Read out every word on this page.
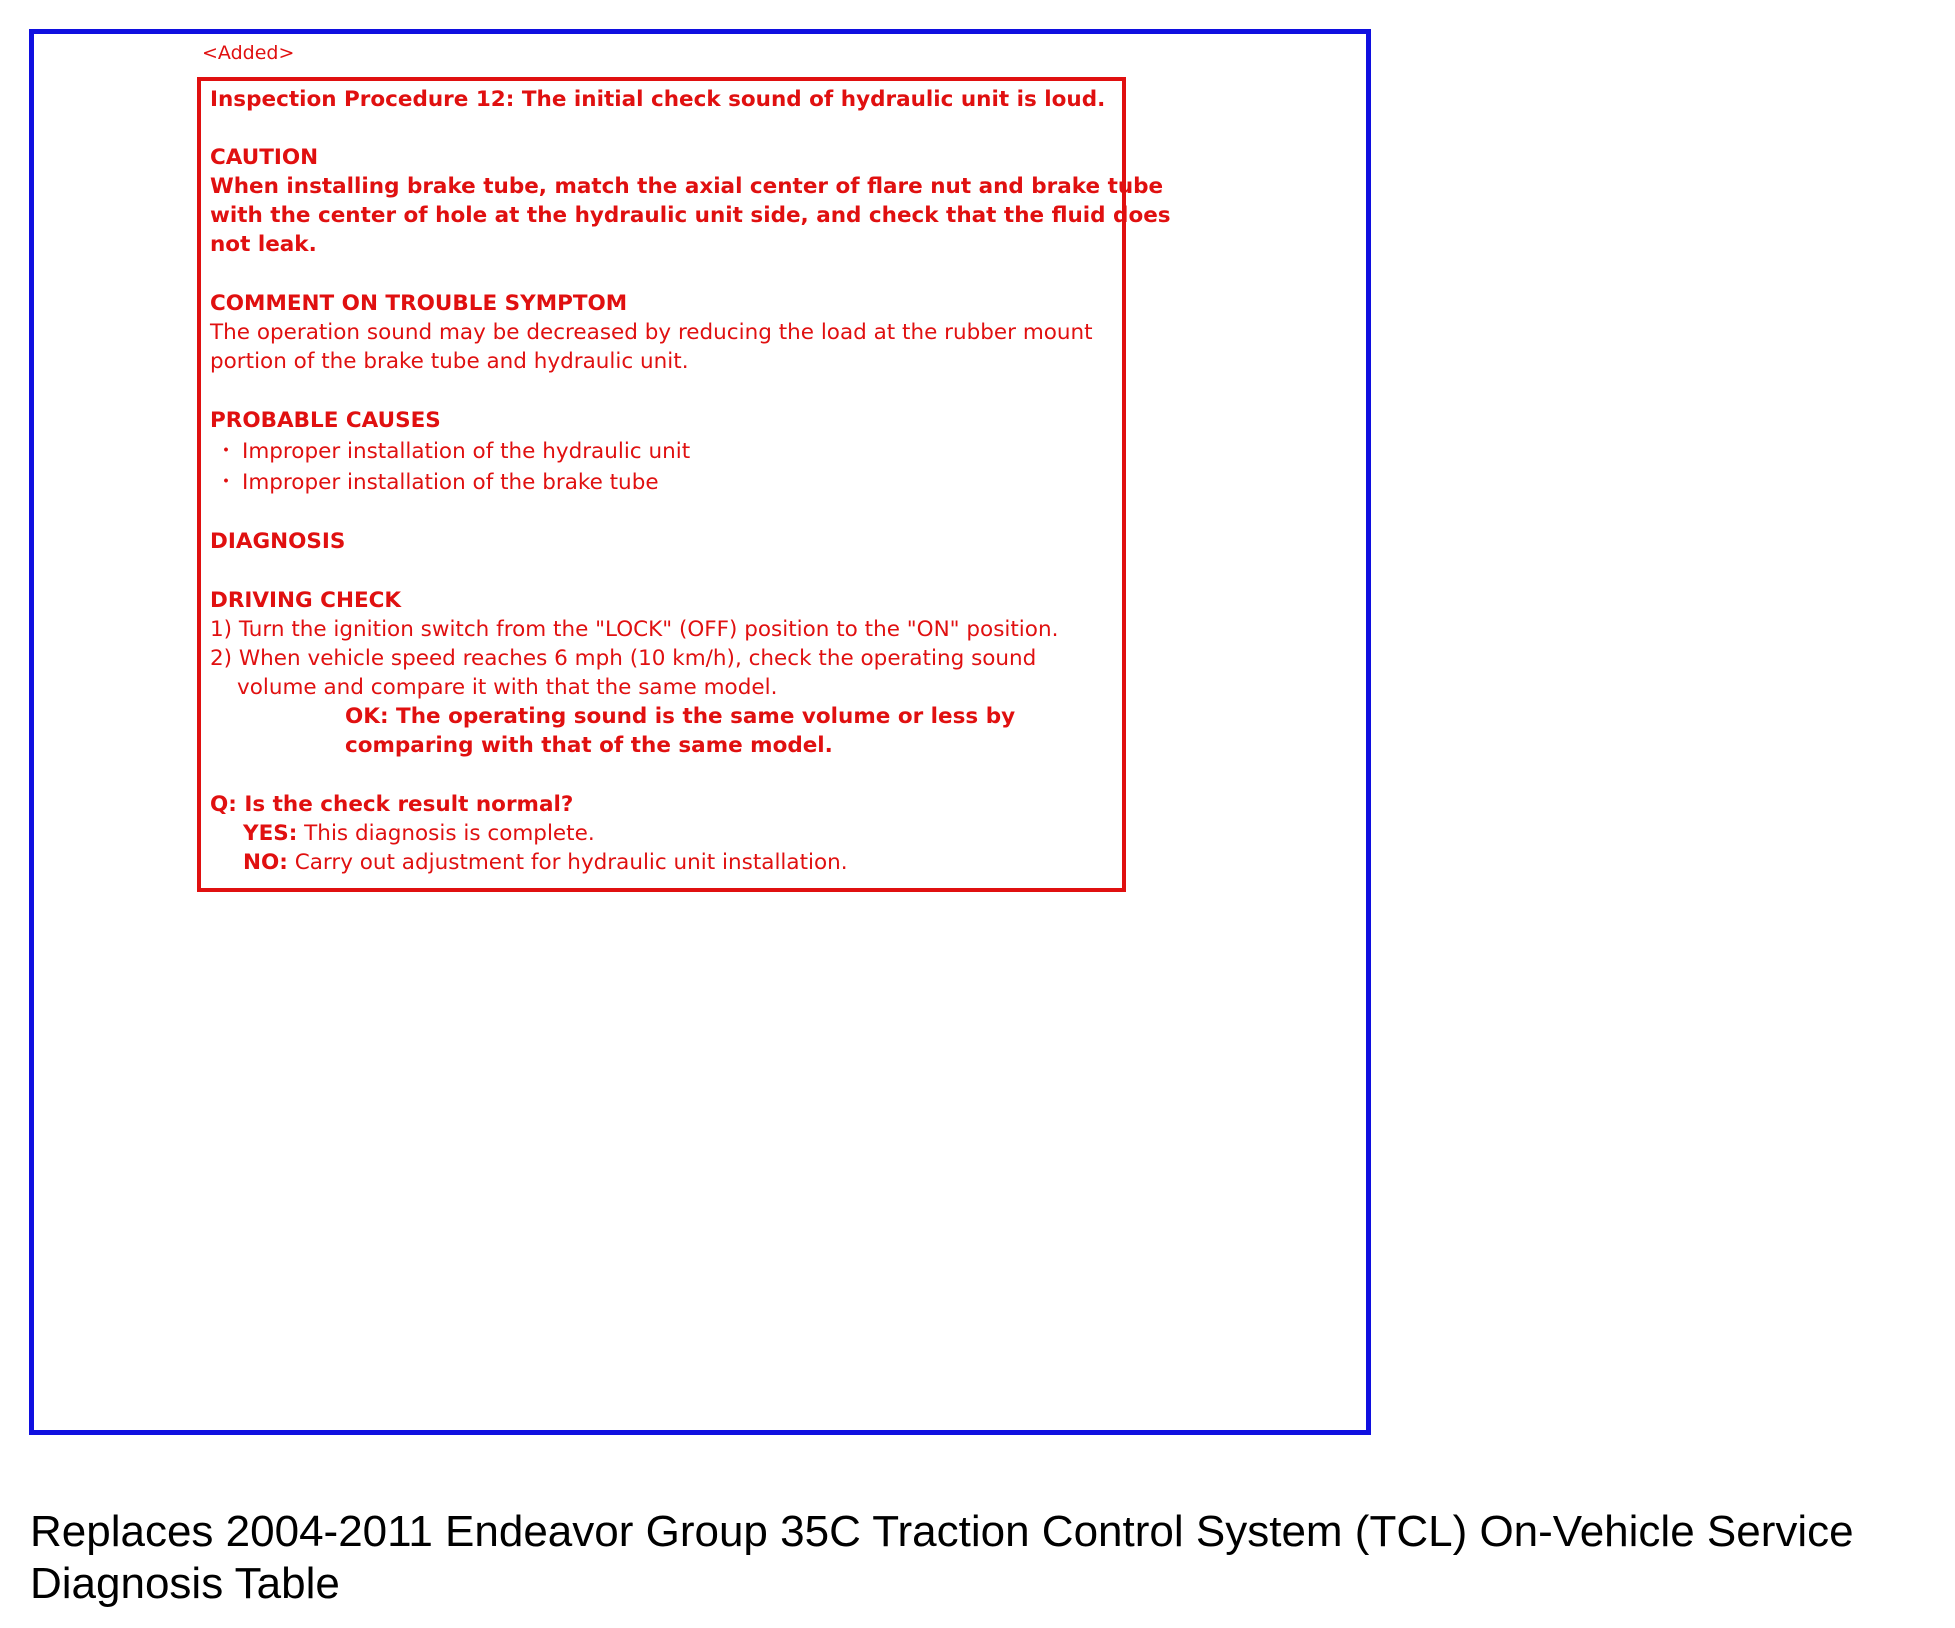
<Added>
Inspection Procedure 12: The initial check sound of hydraulic unit is loud.
CAUTION
When installing brake tube, match the axial center of flare nut and brake tube
with the center of hole at the hydraulic unit side, and check that the fluid does
not leak.
COMMENT ON TROUBLE SYMPTOM
The operation sound may be decreased by reducing the load at the rubber mount
portion of the brake tube and hydraulic unit.
PROBABLE CAUSES
・ Improper installation of the hydraulic unit
・ Improper installation of the brake tube
DIAGNOSIS
DRIVING CHECK
1) Turn the ignition switch from the "LOCK" (OFF) position to the "ON" position.
2) When vehicle speed reaches 6 mph (10 km/h), check the operating sound
volume and compare it with that the same model.
OK: The operating sound is the same volume or less by
comparing with that of the same model.
Q: Is the check result normal?
YES: This diagnosis is complete.
NO: Carry out adjustment for hydraulic unit installation.
Replaces 2004-2011 Endeavor Group 35C Traction Control System (TCL) On-Vehicle Service
Diagnosis Table
